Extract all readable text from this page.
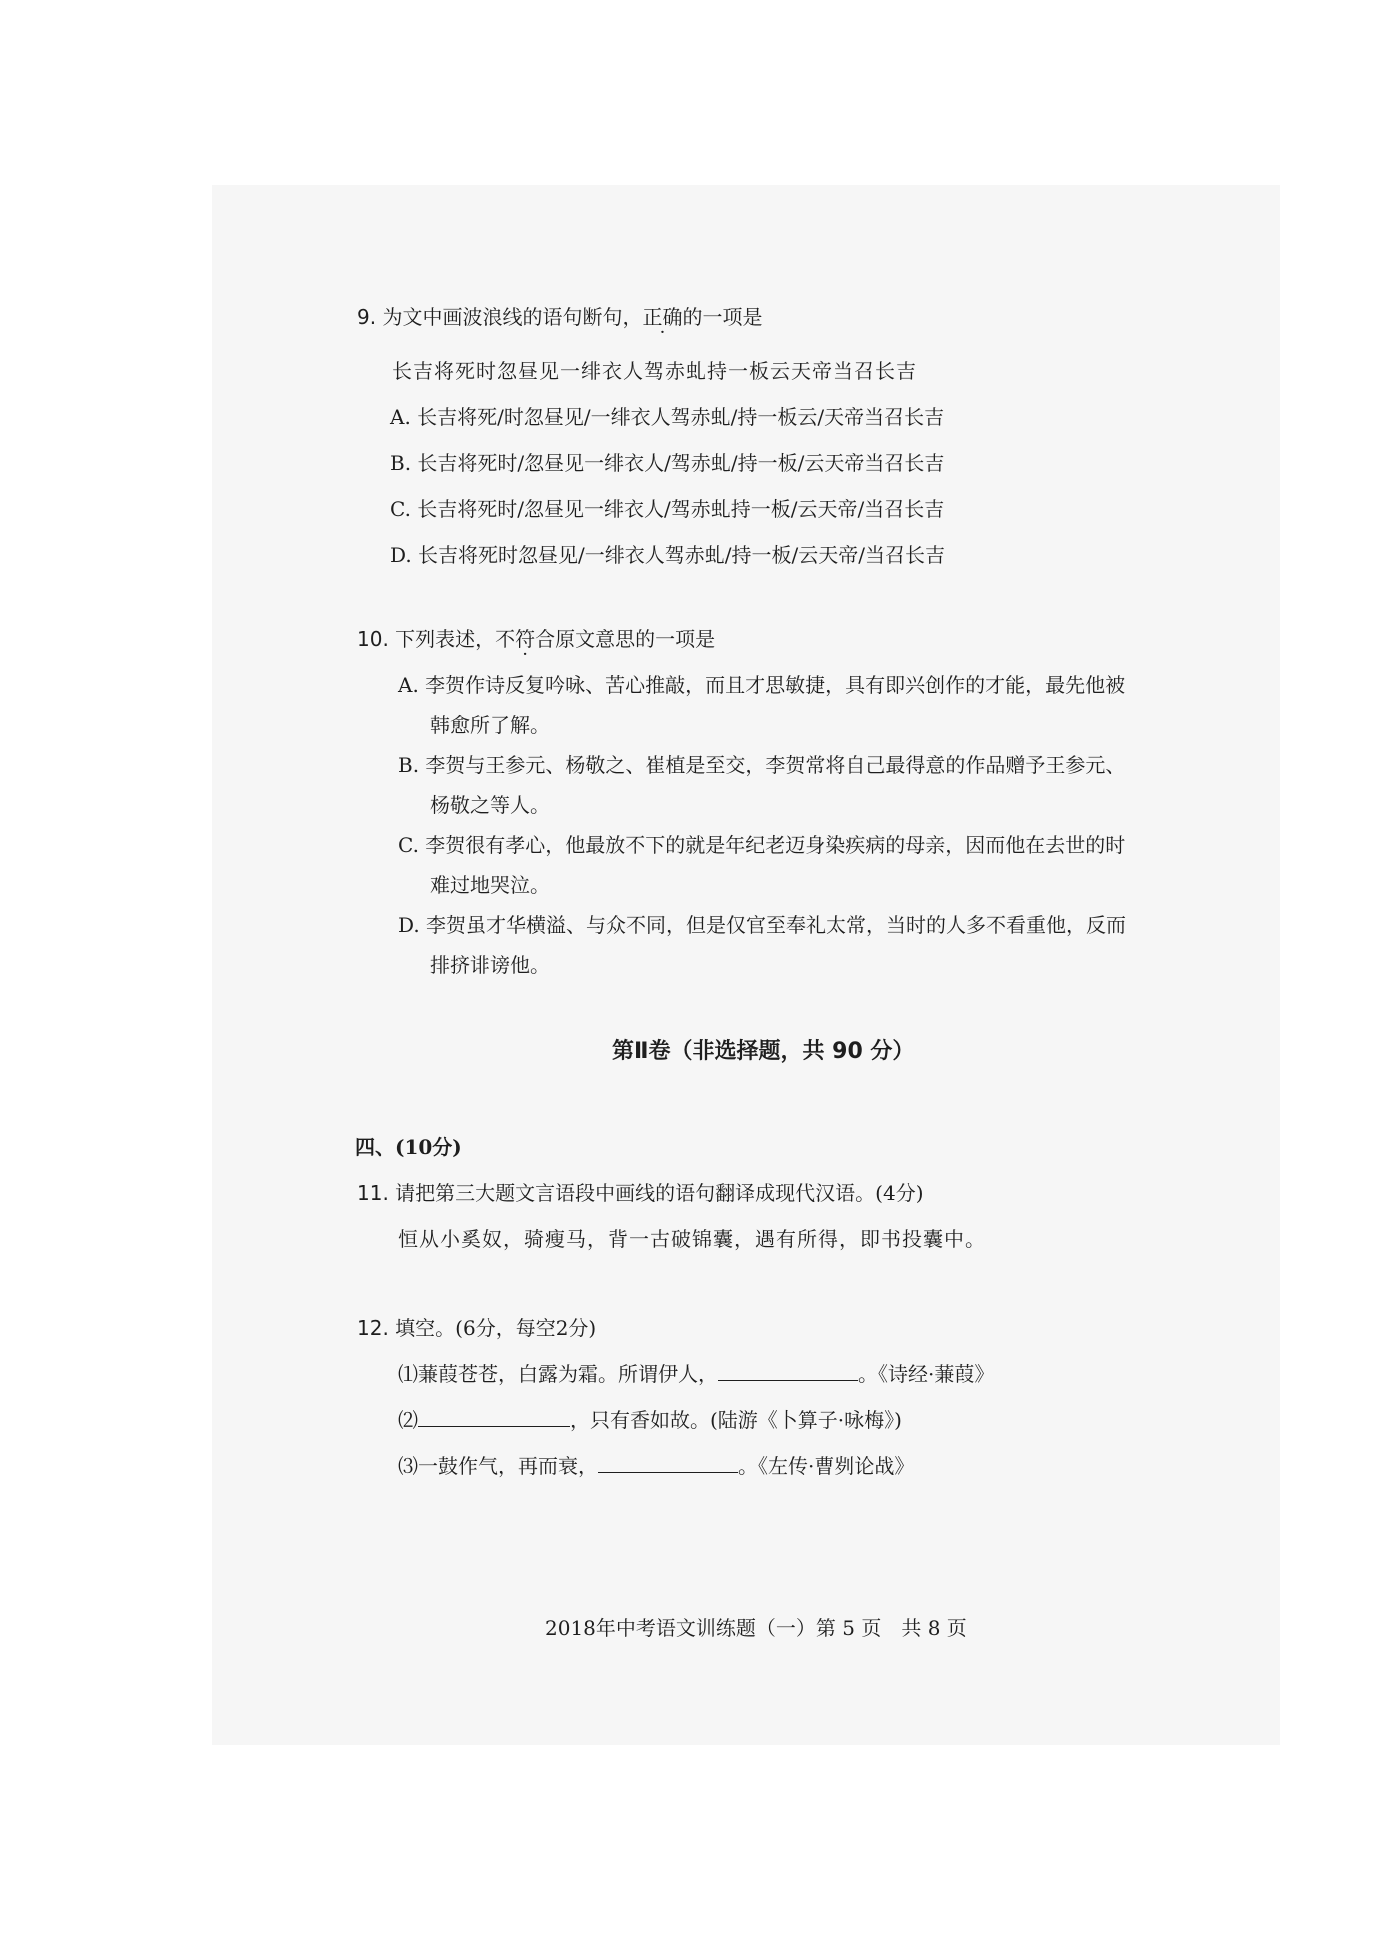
9. 为文中画波浪线的语句断句，正确的一项是
长吉将死时忽昼见一绯衣人驾赤虬持一板云天帝当召长吉
A. 长吉将死/时忽昼见/一绯衣人驾赤虬/持一板云/天帝当召长吉
B. 长吉将死时/忽昼见一绯衣人/驾赤虬/持一板/云天帝当召长吉
C. 长吉将死时/忽昼见一绯衣人/驾赤虬持一板/云天帝/当召长吉
D. 长吉将死时忽昼见/一绯衣人驾赤虬/持一板/云天帝/当召长吉
10. 下列表述，不符合原文意思的一项是
A. 李贺作诗反复吟咏、苦心推敲，而且才思敏捷，具有即兴创作的才能，最先他被
韩愈所了解。
B. 李贺与王参元、杨敬之、崔植是至交，李贺常将自己最得意的作品赠予王参元、
杨敬之等人。
C. 李贺很有孝心，他最放不下的就是年纪老迈身染疾病的母亲，因而他在去世的时
难过地哭泣。
D. 李贺虽才华横溢、与众不同，但是仅官至奉礼太常，当时的人多不看重他，反而
排挤诽谤他。
第Ⅱ卷（非选择题，共 90 分）
四、(10分)
11. 请把第三大题文言语段中画线的语句翻译成现代汉语。(4分)
恒从小奚奴，骑瘦马，背一古破锦囊，遇有所得，即书投囊中。
12. 填空。(6分，每空2分)
⑴蒹葭苍苍，白露为霜。所谓伊人，	。《诗经·蒹葭》
⑵	，只有香如故。(陆游《卜算子·咏梅》)
⑶一鼓作气，再而衰，	。《左传·曹刿论战》
2018年中考语文训练题（一）第 5 页　共 8 页
